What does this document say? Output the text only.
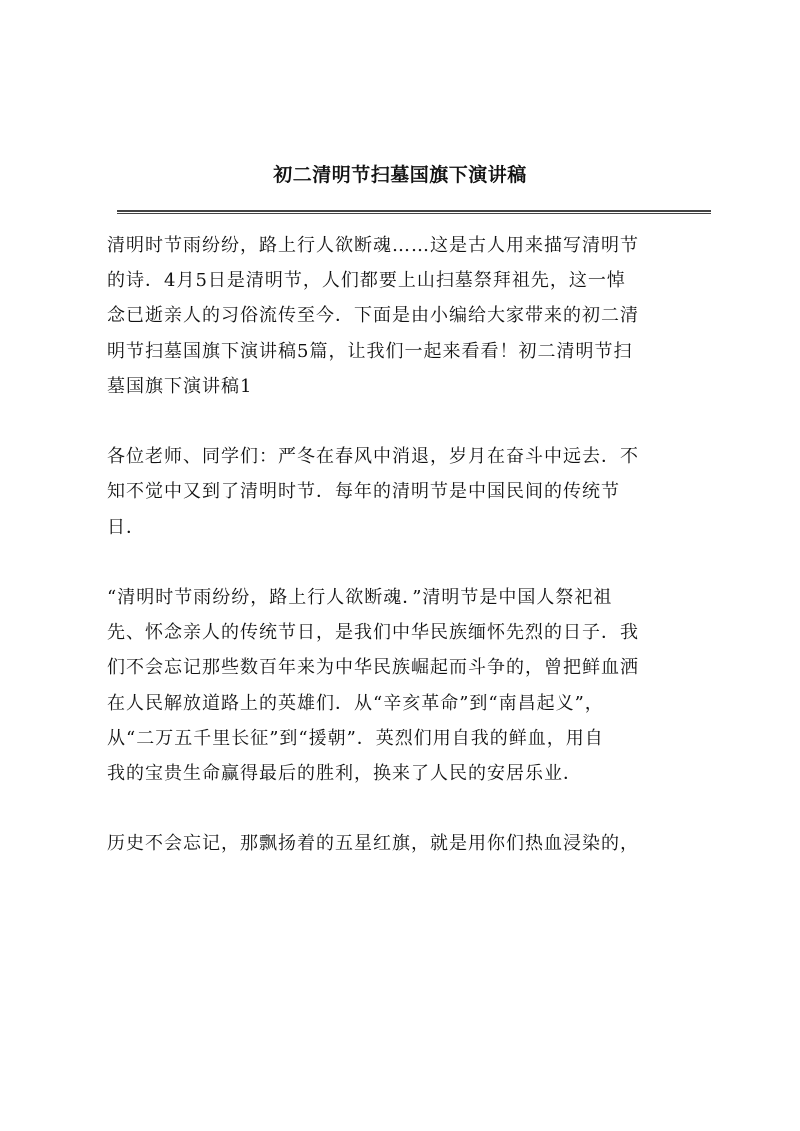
初二清明节扫墓国旗下演讲稿

清明时节雨纷纷，路上行人欲断魂……这是古人用来描写清明节
的诗．4月5日是清明节，人们都要上山扫墓祭拜祖先，这一悼
念已逝亲人的习俗流传至今．下面是由小编给大家带来的初二清
明节扫墓国旗下演讲稿5篇，让我们一起来看看！初二清明节扫
墓国旗下演讲稿1

各位老师、同学们：严冬在春风中消退，岁月在奋斗中远去．不
知不觉中又到了清明时节．每年的清明节是中国民间的传统节
日．

“清明时节雨纷纷，路上行人欲断魂．”清明节是中国人祭祀祖
先、怀念亲人的传统节日，是我们中华民族缅怀先烈的日子．我
们不会忘记那些数百年来为中华民族崛起而斗争的，曾把鲜血洒
在人民解放道路上的英雄们．从“辛亥革命”到“南昌起义”，
从“二万五千里长征”到“援朝”．英烈们用自我的鲜血，用自
我的宝贵生命赢得最后的胜利，换来了人民的安居乐业．

历史不会忘记，那飘扬着的五星红旗，就是用你们热血浸染的，
